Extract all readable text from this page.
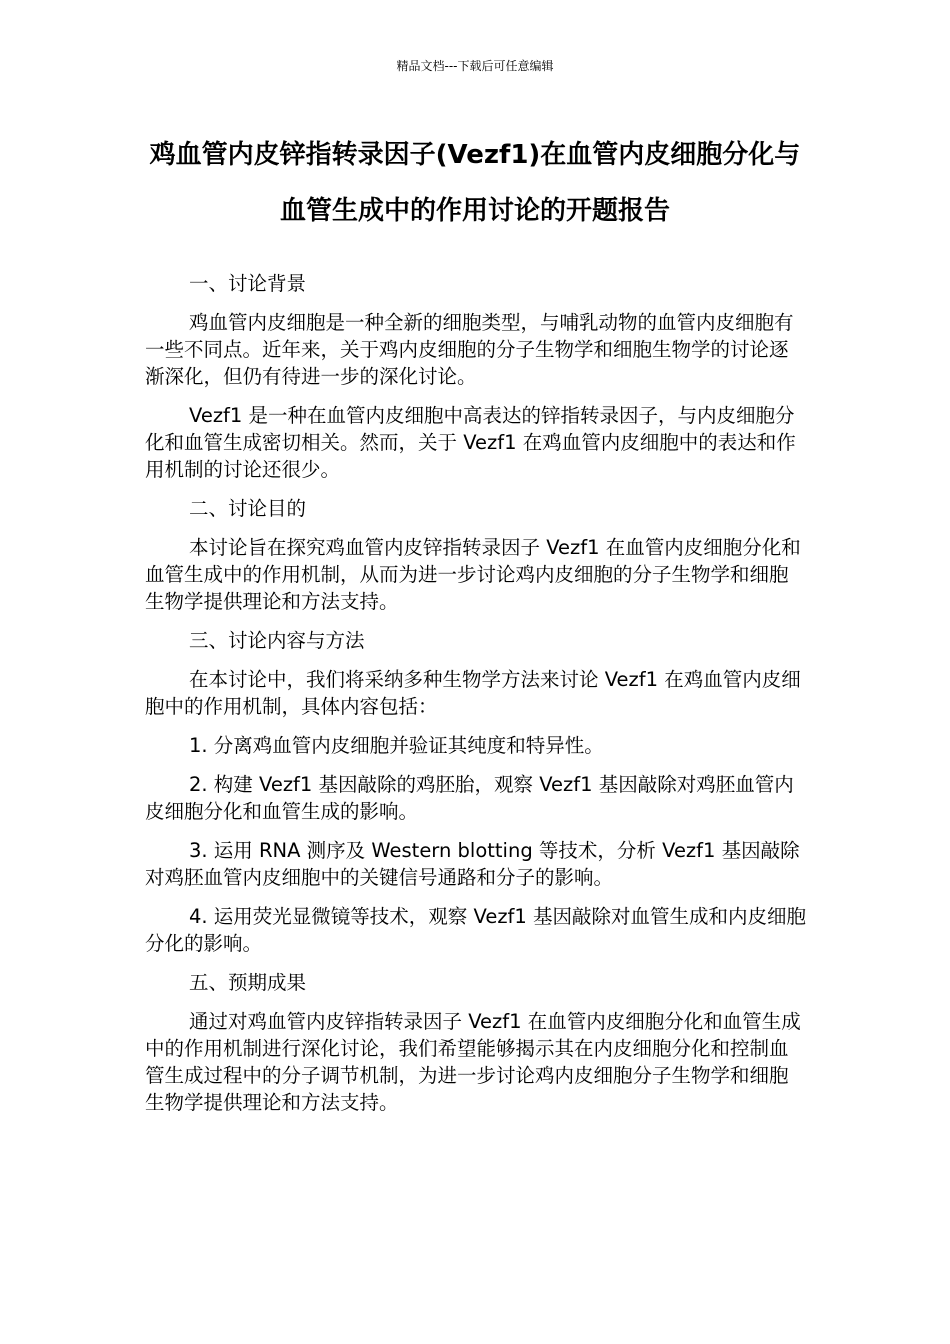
精品文档---下载后可任意编辑
鸡血管内皮锌指转录因子(Vezf1)在血管内皮细胞分化与血管生成中的作用讨论的开题报告

一、讨论背景

鸡血管内皮细胞是一种全新的细胞类型，与哺乳动物的血管内皮细胞有一些不同点。近年来，关于鸡内皮细胞的分子生物学和细胞生物学的讨论逐渐深化，但仍有待进一步的深化讨论。

Vezf1 是一种在血管内皮细胞中高表达的锌指转录因子，与内皮细胞分化和血管生成密切相关。然而，关于 Vezf1 在鸡血管内皮细胞中的表达和作用机制的讨论还很少。

二、讨论目的

本讨论旨在探究鸡血管内皮锌指转录因子 Vezf1 在血管内皮细胞分化和血管生成中的作用机制，从而为进一步讨论鸡内皮细胞的分子生物学和细胞生物学提供理论和方法支持。

三、讨论内容与方法

在本讨论中，我们将采纳多种生物学方法来讨论 Vezf1 在鸡血管内皮细胞中的作用机制，具体内容包括：

1. 分离鸡血管内皮细胞并验证其纯度和特异性。

2. 构建 Vezf1 基因敲除的鸡胚胎，观察 Vezf1 基因敲除对鸡胚血管内皮细胞分化和血管生成的影响。

3. 运用 RNA 测序及 Western blotting 等技术，分析 Vezf1 基因敲除对鸡胚血管内皮细胞中的关键信号通路和分子的影响。

4. 运用荧光显微镜等技术，观察 Vezf1 基因敲除对血管生成和内皮细胞分化的影响。

五、预期成果

通过对鸡血管内皮锌指转录因子 Vezf1 在血管内皮细胞分化和血管生成中的作用机制进行深化讨论，我们希望能够揭示其在内皮细胞分化和控制血管生成过程中的分子调节机制，为进一步讨论鸡内皮细胞分子生物学和细胞生物学提供理论和方法支持。
